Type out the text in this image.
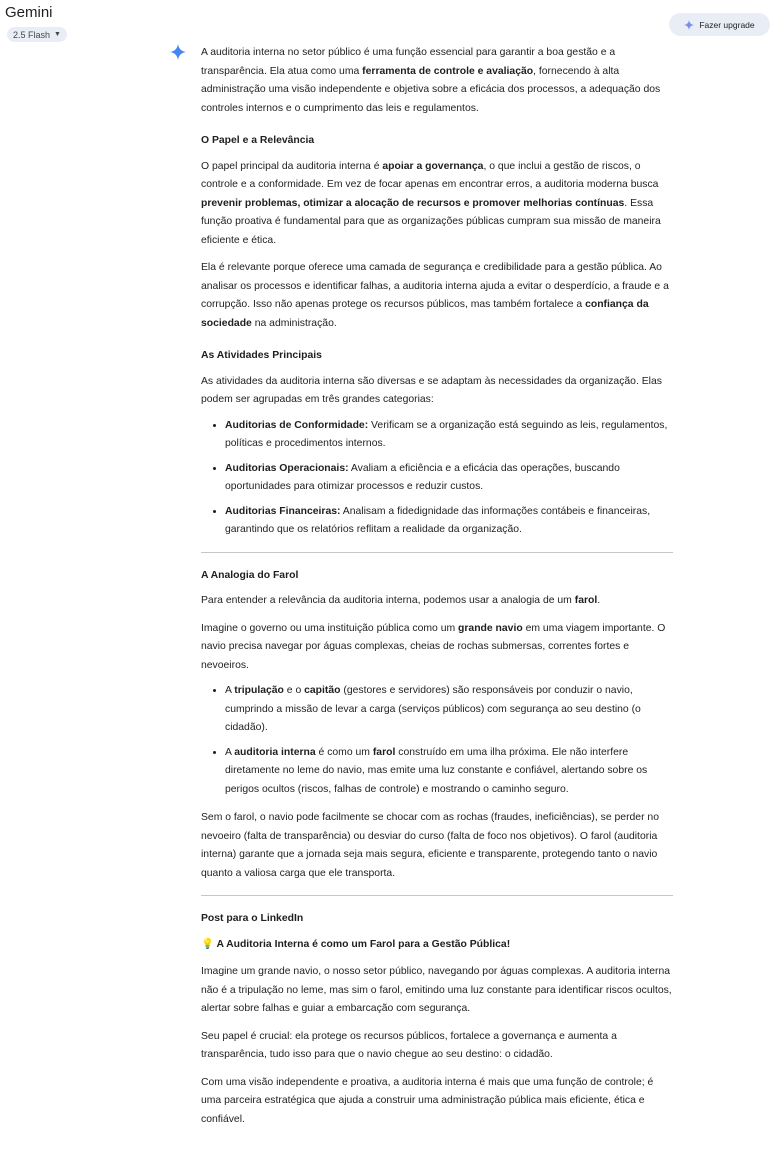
Gemini
2.5 Flash ▼
Fazer upgrade

A auditoria interna no setor público é uma função essencial para garantir a boa gestão e a transparência. Ela atua como uma ferramenta de controle e avaliação, fornecendo à alta administração uma visão independente e objetiva sobre a eficácia dos processos, a adequação dos controles internos e o cumprimento das leis e regulamentos.

O Papel e a Relevância

O papel principal da auditoria interna é apoiar a governança, o que inclui a gestão de riscos, o controle e a conformidade. Em vez de focar apenas em encontrar erros, a auditoria moderna busca prevenir problemas, otimizar a alocação de recursos e promover melhorias contínuas. Essa função proativa é fundamental para que as organizações públicas cumpram sua missão de maneira eficiente e ética.

Ela é relevante porque oferece uma camada de segurança e credibilidade para a gestão pública. Ao analisar os processos e identificar falhas, a auditoria interna ajuda a evitar o desperdício, a fraude e a corrupção. Isso não apenas protege os recursos públicos, mas também fortalece a confiança da sociedade na administração.

As Atividades Principais

As atividades da auditoria interna são diversas e se adaptam às necessidades da organização. Elas podem ser agrupadas em três grandes categorias:

• Auditorias de Conformidade: Verificam se a organização está seguindo as leis, regulamentos, políticas e procedimentos internos.
• Auditorias Operacionais: Avaliam a eficiência e a eficácia das operações, buscando oportunidades para otimizar processos e reduzir custos.
• Auditorias Financeiras: Analisam a fidedignidade das informações contábeis e financeiras, garantindo que os relatórios reflitam a realidade da organização.
A Analogia do Farol

Para entender a relevância da auditoria interna, podemos usar a analogia de um farol.

Imagine o governo ou uma instituição pública como um grande navio em uma viagem importante. O navio precisa navegar por águas complexas, cheias de rochas submersas, correntes fortes e nevoeiros.

• A tripulação e o capitão (gestores e servidores) são responsáveis por conduzir o navio, cumprindo a missão de levar a carga (serviços públicos) com segurança ao seu destino (o cidadão).
• A auditoria interna é como um farol construído em uma ilha próxima. Ele não interfere diretamente no leme do navio, mas emite uma luz constante e confiável, alertando sobre os perigos ocultos (riscos, falhas de controle) e mostrando o caminho seguro.

Sem o farol, o navio pode facilmente se chocar com as rochas (fraudes, ineficiências), se perder no nevoeiro (falta de transparência) ou desviar do curso (falta de foco nos objetivos). O farol (auditoria interna) garante que a jornada seja mais segura, eficiente e transparente, protegendo tanto o navio quanto a valiosa carga que ele transporta.

Post para o LinkedIn

💡 A Auditoria Interna é como um Farol para a Gestão Pública!

Imagine um grande navio, o nosso setor público, navegando por águas complexas. A auditoria interna não é a tripulação no leme, mas sim o farol, emitindo uma luz constante para identificar riscos ocultos, alertar sobre falhas e guiar a embarcação com segurança.

Seu papel é crucial: ela protege os recursos públicos, fortalece a governança e aumenta a transparência, tudo isso para que o navio chegue ao seu destino: o cidadão.

Com uma visão independente e proativa, a auditoria interna é mais que uma função de controle; é uma parceira estratégica que ajuda a construir uma administração pública mais eficiente, ética e confiável.
